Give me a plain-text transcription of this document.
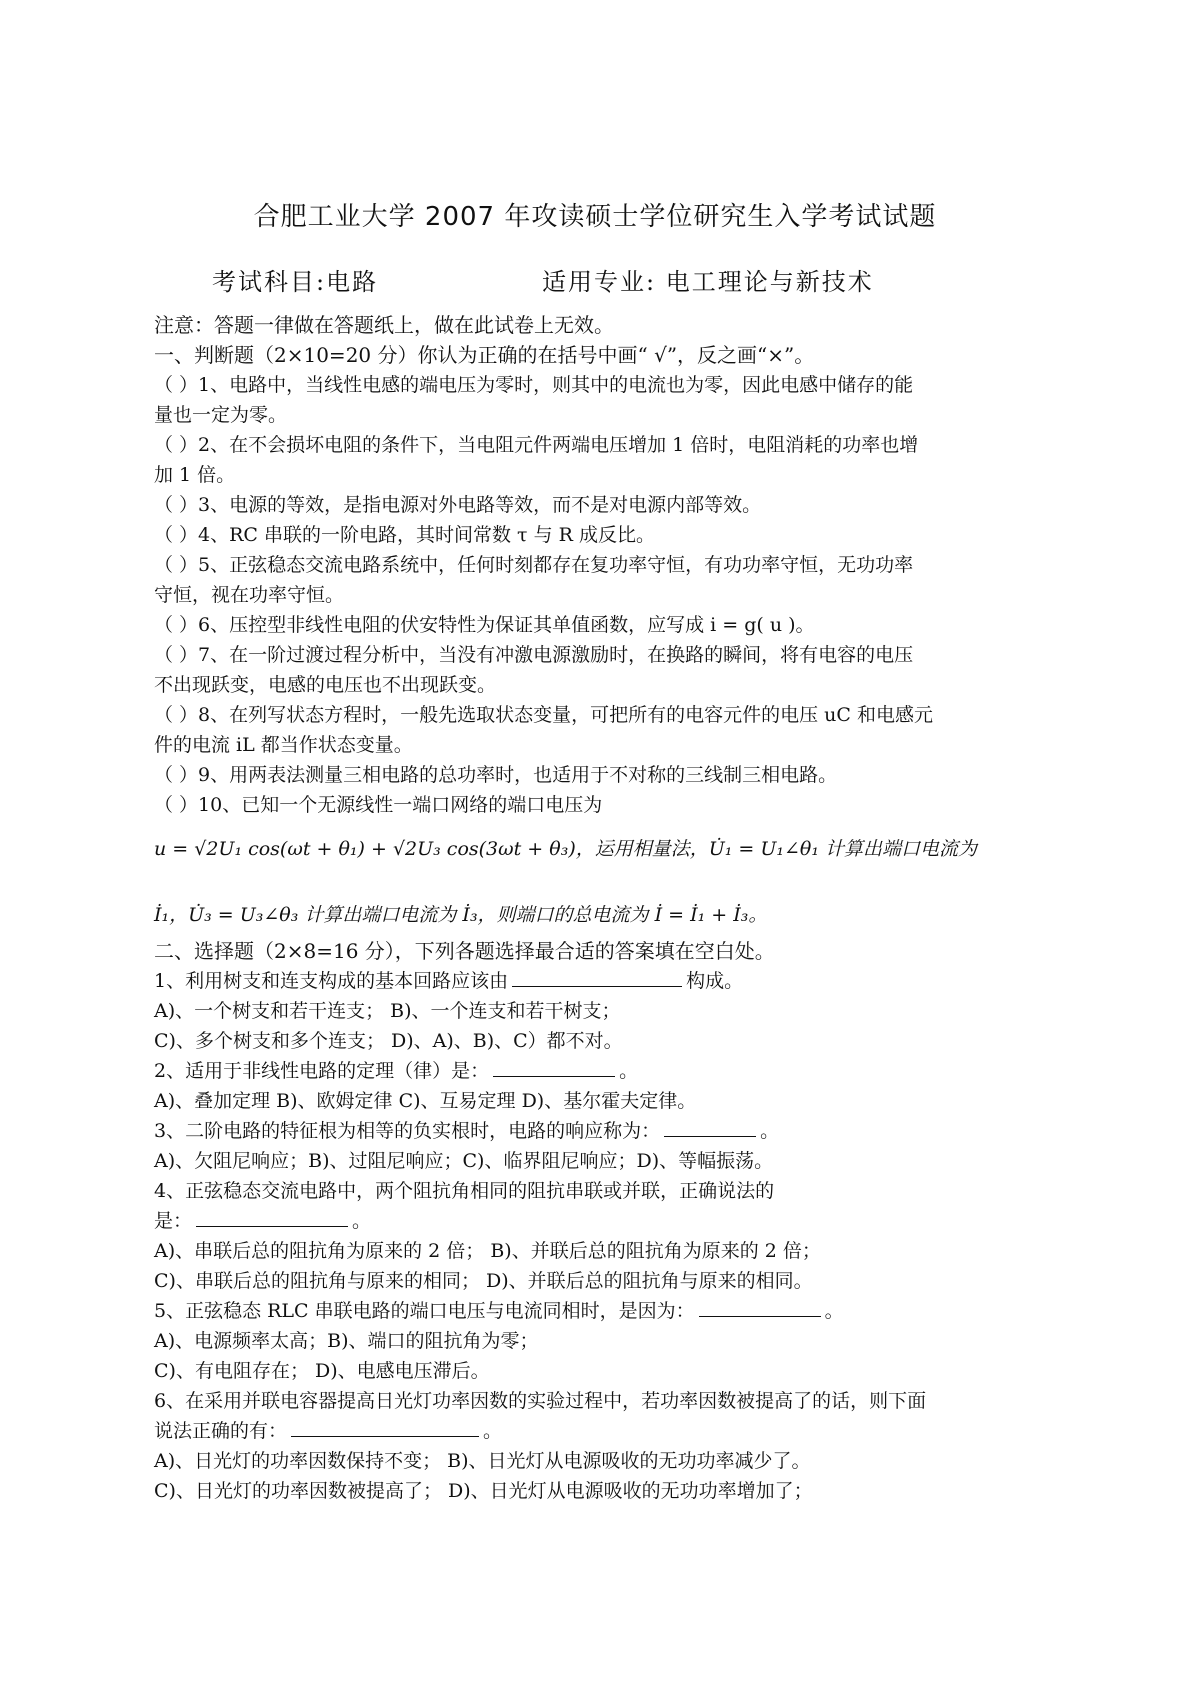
合肥工业大学 2007 年攻读硕士学位研究生入学考试试题
考试科目:电路	适用专业: 电工理论与新技术
注意：答题一律做在答题纸上，做在此试卷上无效。
一、判断题（2×10=20 分）你认为正确的在括号中画“ √”，反之画“×”。
（ ）1、电路中，当线性电感的端电压为零时，则其中的电流也为零，因此电感中储存的能
量也一定为零。
（ ）2、在不会损坏电阻的条件下，当电阻元件两端电压增加 1 倍时，电阻消耗的功率也增
加 1 倍。
（ ）3、电源的等效，是指电源对外电路等效，而不是对电源内部等效。
（ ）4、RC 串联的一阶电路，其时间常数 τ 与 R 成反比。
（ ）5、正弦稳态交流电路系统中，任何时刻都存在复功率守恒，有功功率守恒，无功功率
守恒，视在功率守恒。
（ ）6、压控型非线性电阻的伏安特性为保证其单值函数，应写成 i = g( u )。
（ ）7、在一阶过渡过程分析中，当没有冲激电源激励时，在换路的瞬间，将有电容的电压
不出现跃变，电感的电压也不出现跃变。
（ ）8、在列写状态方程时，一般先选取状态变量，可把所有的电容元件的电压 uC 和电感元
件的电流 iL 都当作状态变量。
（ ）9、用两表法测量三相电路的总功率时，也适用于不对称的三线制三相电路。
（ ）10、已知一个无源线性一端口网络的端口电压为
u = √2U₁ cos(ωt + θ₁) + √2U₃ cos(3ωt + θ₃)，运用相量法，U̇₁ = U₁∠θ₁ 计算出端口电流为
İ₁，U̇₃ = U₃∠θ₃ 计算出端口电流为 İ₃，则端口的总电流为 İ = İ₁ + İ₃。
二、选择题（2×8=16 分），下列各题选择最合适的答案填在空白处。
1、利用树支和连支构成的基本回路应该由	构成。
A)、一个树支和若干连支； B)、一个连支和若干树支；
C)、多个树支和多个连支； D)、A)、B)、C）都不对。
2、适用于非线性电路的定理（律）是：	。
A)、叠加定理 B)、欧姆定律 C)、互易定理 D)、基尔霍夫定律。
3、二阶电路的特征根为相等的负实根时，电路的响应称为：	。
A)、欠阻尼响应；B)、过阻尼响应；C)、临界阻尼响应；D)、等幅振荡。
4、正弦稳态交流电路中，两个阻抗角相同的阻抗串联或并联，正确说法的
是：	。
A)、串联后总的阻抗角为原来的 2 倍； B)、并联后总的阻抗角为原来的 2 倍；
C)、串联后总的阻抗角与原来的相同； D)、并联后总的阻抗角与原来的相同。
5、正弦稳态 RLC 串联电路的端口电压与电流同相时，是因为：	。
A)、电源频率太高；B)、端口的阻抗角为零；
C)、有电阻存在； D)、电感电压滞后。
6、在采用并联电容器提高日光灯功率因数的实验过程中，若功率因数被提高了的话，则下面
说法正确的有：	。
A)、日光灯的功率因数保持不变； B)、日光灯从电源吸收的无功功率减少了。
C)、日光灯的功率因数被提高了； D)、日光灯从电源吸收的无功功率增加了；
